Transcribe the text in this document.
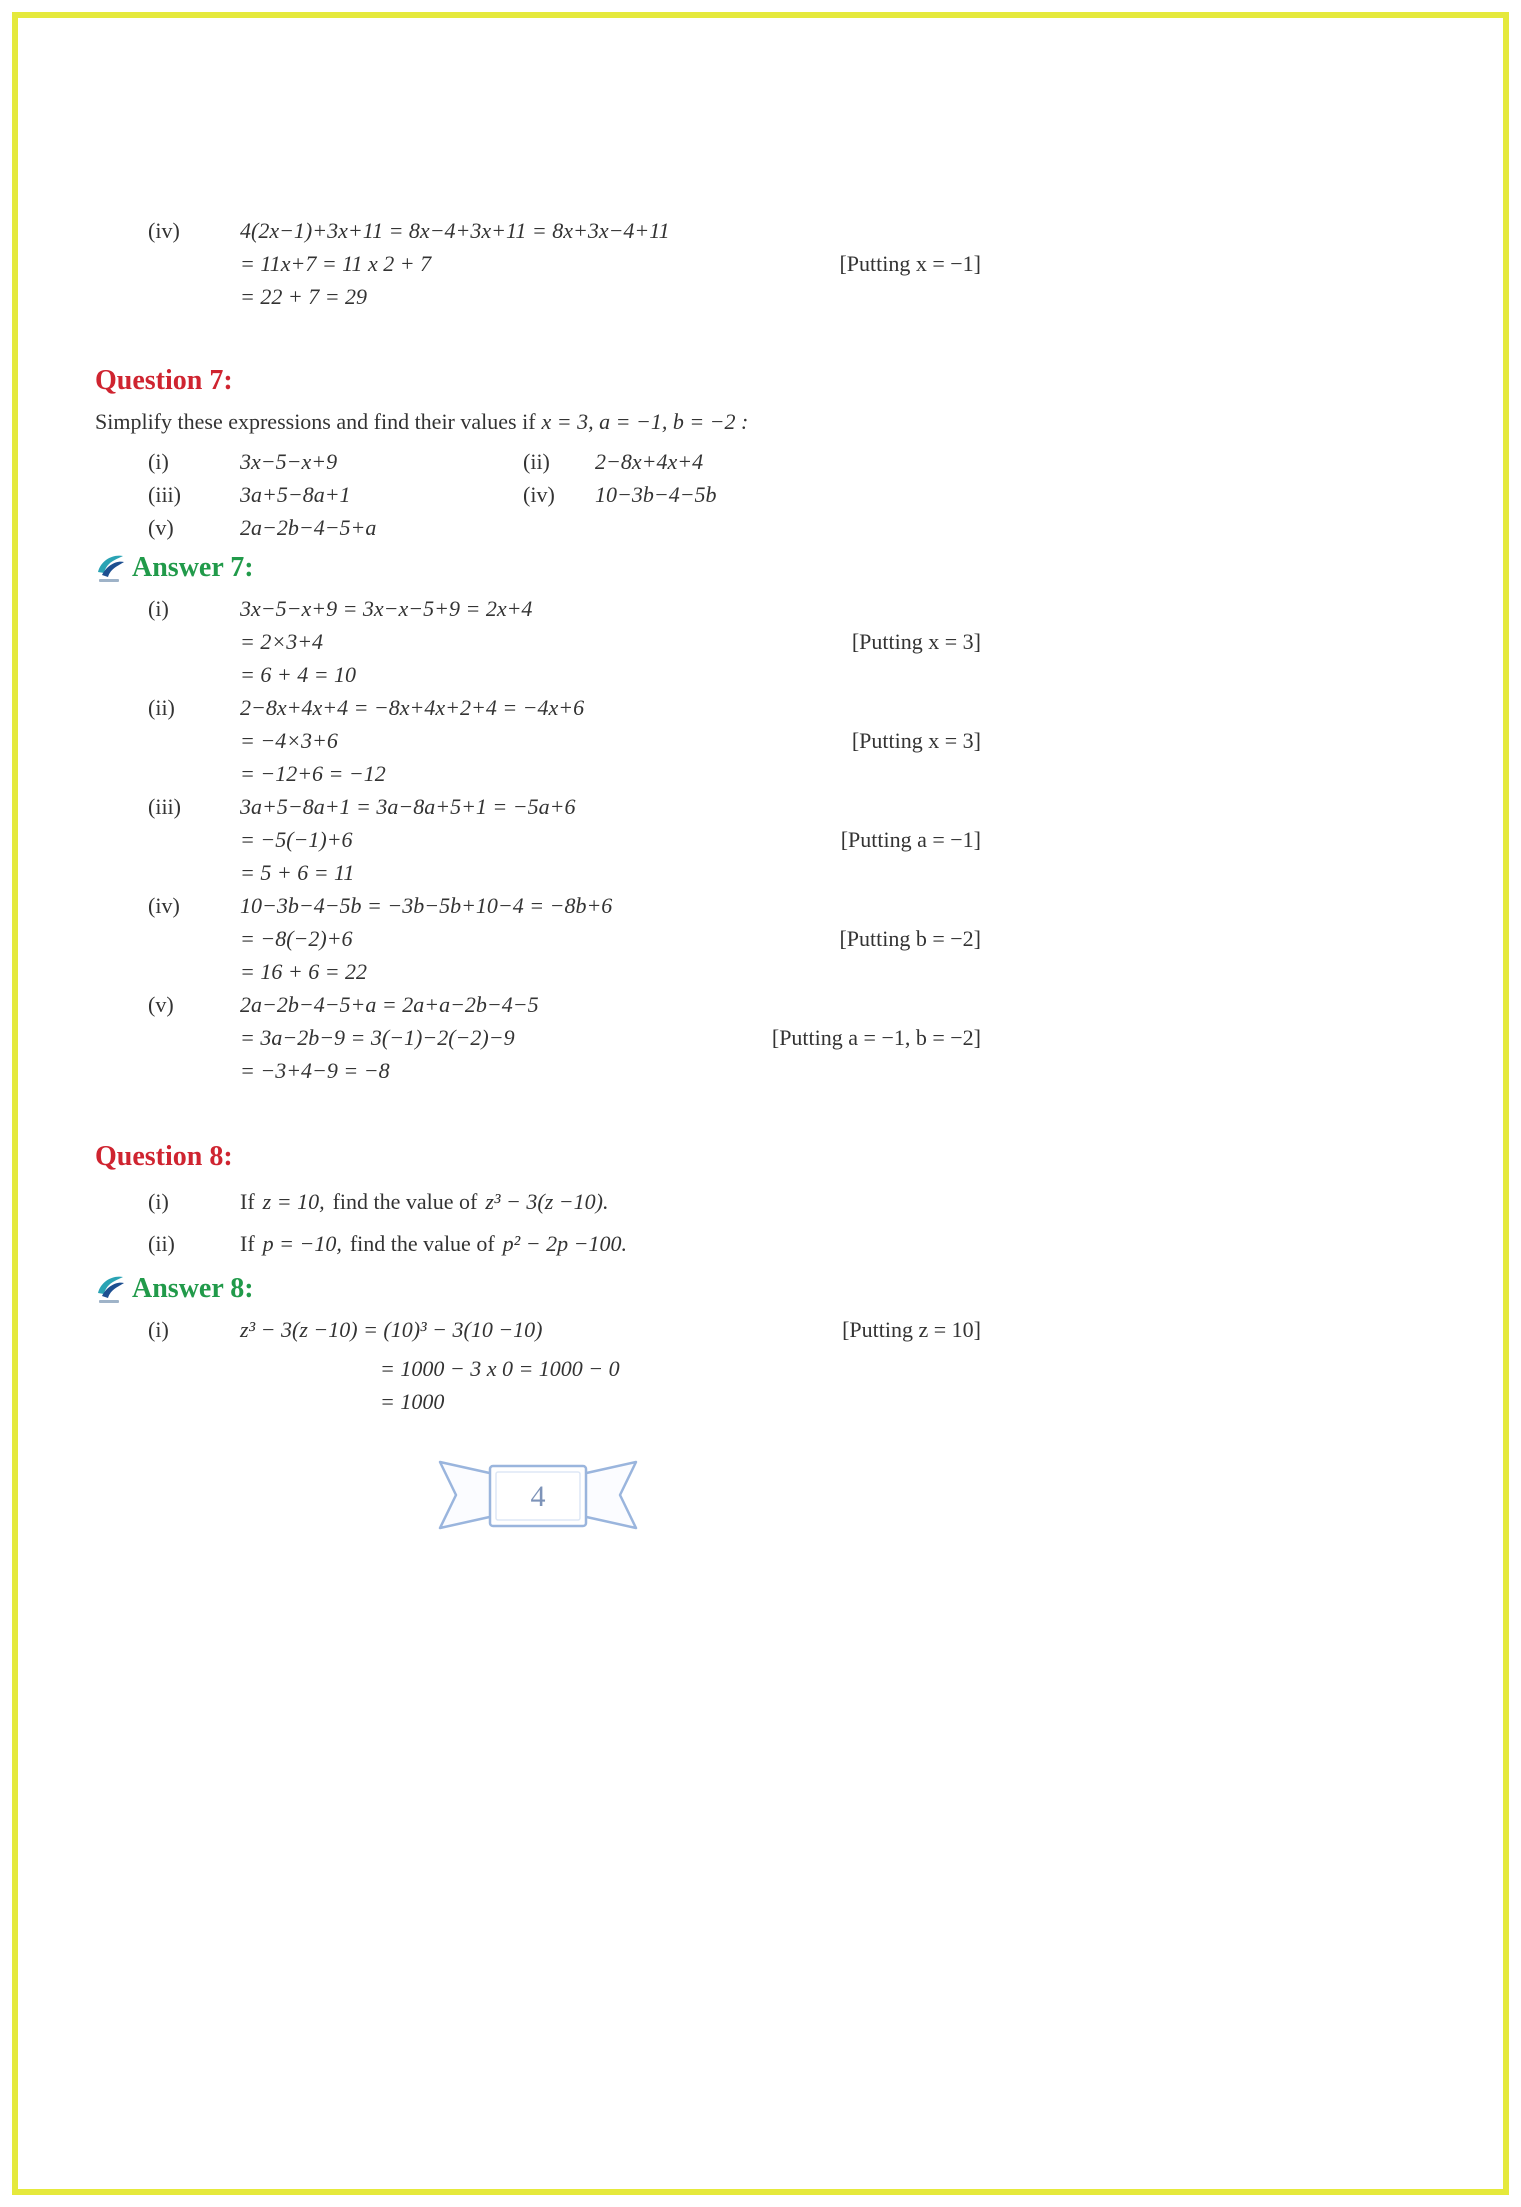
(iv)	4(2x−1)+3x+11 = 8x−4+3x+11 = 8x+3x−4+11
= 11x+7 = 11 x 2 + 7	[Putting x = −1]
= 22 + 7 = 29
Question 7:

Simplify these expressions and find their values if x = 3, a = −1, b = −2 :

(i)	3x−5−x+9	(ii)	2−8x+4x+4
(iii)	3a+5−8a+1	(iv)	10−3b−4−5b
(v)	2a−2b−4−5+a
Answer 7:
(i)	3x−5−x+9 = 3x−x−5+9 = 2x+4
= 2×3+4	[Putting x = 3]
= 6 + 4 = 10
(ii)	2−8x+4x+4 = −8x+4x+2+4 = −4x+6
= −4×3+6	[Putting x = 3]
= −12+6 = −12
(iii)	3a+5−8a+1 = 3a−8a+5+1 = −5a+6
= −5(−1)+6	[Putting a = −1]
= 5 + 6 = 11
(iv)	10−3b−4−5b = −3b−5b+10−4 = −8b+6
= −8(−2)+6	[Putting b = −2]
= 16 + 6 = 22
(v)	2a−2b−4−5+a = 2a+a−2b−4−5
= 3a−2b−9 = 3(−1)−2(−2)−9	[Putting a = −1, b = −2]
= −3+4−9 = −8
Question 8:
(i)	If z = 10, find the value of z³ − 3(z −10).
(ii)	If p = −10, find the value of p² − 2p −100.
Answer 8:
(i)	z³ − 3(z −10) = (10)³ − 3(10 −10)	[Putting z = 10]
= 1000 − 3 x 0 = 1000 − 0
= 1000
4
